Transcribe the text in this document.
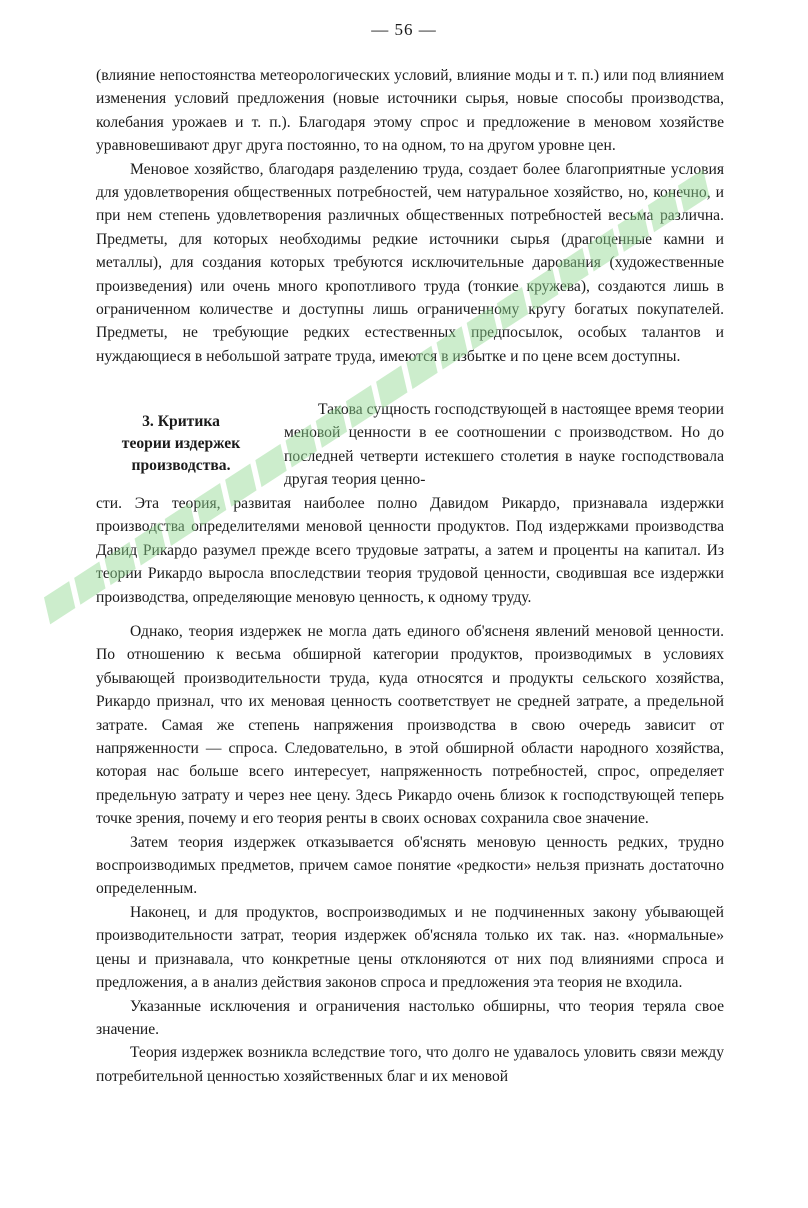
— 56 —

(влияние непостоянства метеорологических условий, влияние моды и т. п.) или под влиянием изменения условий предложения (новые источники сырья, новые способы производства, колебания урожаев и т. п.). Благодаря этому спрос и предложение в меновом хозяйстве уравновешивают друг друга постоянно, то на одном, то на другом уровне цен.

Меновое хозяйство, благодаря разделению труда, создает более благоприятные условия для удовлетворения общественных потребностей, чем натуральное хозяйство, но, конечно, и при нем степень удовлетворения различных общественных потребностей весьма различна. Предметы, для которых необходимы редкие источники сырья (драгоценные камни и металлы), для создания которых требуются исключительные дарования (художественные произведения) или очень много кропотливого труда (тонкие кружева), создаются лишь в ограниченном количестве и доступны лишь ограниченному кругу богатых покупателей. Предметы, не требующие редких естественных предпосылок, особых талантов и нуждающиеся в небольшой затрате труда, имеются в избытке и по цене всем доступны.

3. Критика
теории издержек
производства.

Такова сущность господствующей в настоящее время теории меновой ценности в ее соотношении с производством. Но до последней четверти истекшего столетия в науке господствовала другая теория ценно-

сти. Эта теория, развитая наиболее полно Давидом Рикардо, признавала издержки производства определителями меновой ценности продуктов. Под издержками производства Давид Рикардо разумел прежде всего трудовые затраты, а затем и проценты на капитал. Из теории Рикардо выросла впоследствии теория трудовой ценности, сводившая все издержки производства, определяющие меновую ценность, к одному труду.

Однако, теория издержек не могла дать единого об'ясненя явлений меновой ценности. По отношению к весьма обширной категории продуктов, производимых в условиях убывающей производительности труда, куда относятся и продукты сельского хозяйства, Рикардо признал, что их меновая ценность соответствует не средней затрате, а предельной затрате. Самая же степень напряжения производства в свою очередь зависит от напряженности — спроса. Следовательно, в этой обширной области народного хозяйства, которая нас больше всего интересует, напряженность потребностей, спрос, определяет предельную затрату и через нее цену. Здесь Рикардо очень близок к господствующей теперь точке зрения, почему и его теория ренты в своих основах сохранила свое значение.

Затем теория издержек отказывается об'яснять меновую ценность редких, трудно воспроизводимых предметов, причем самое понятие «редкости» нельзя признать достаточно определенным.

Наконец, и для продуктов, воспроизводимых и не подчиненных закону убывающей производительности затрат, теория издержек об'ясняла только их так. наз. «нормальные» цены и признавала, что конкретные цены отклоняются от них под влияниями спроса и предложения, а в анализ действия законов спроса и предложения эта теория не входила.

Указанные исключения и ограничения настолько обширны, что теория теряла свое значение.

Теория издержек возникла вследствие того, что долго не удавалось уловить связи между потребительной ценностью хозяйственных благ и их меновой
